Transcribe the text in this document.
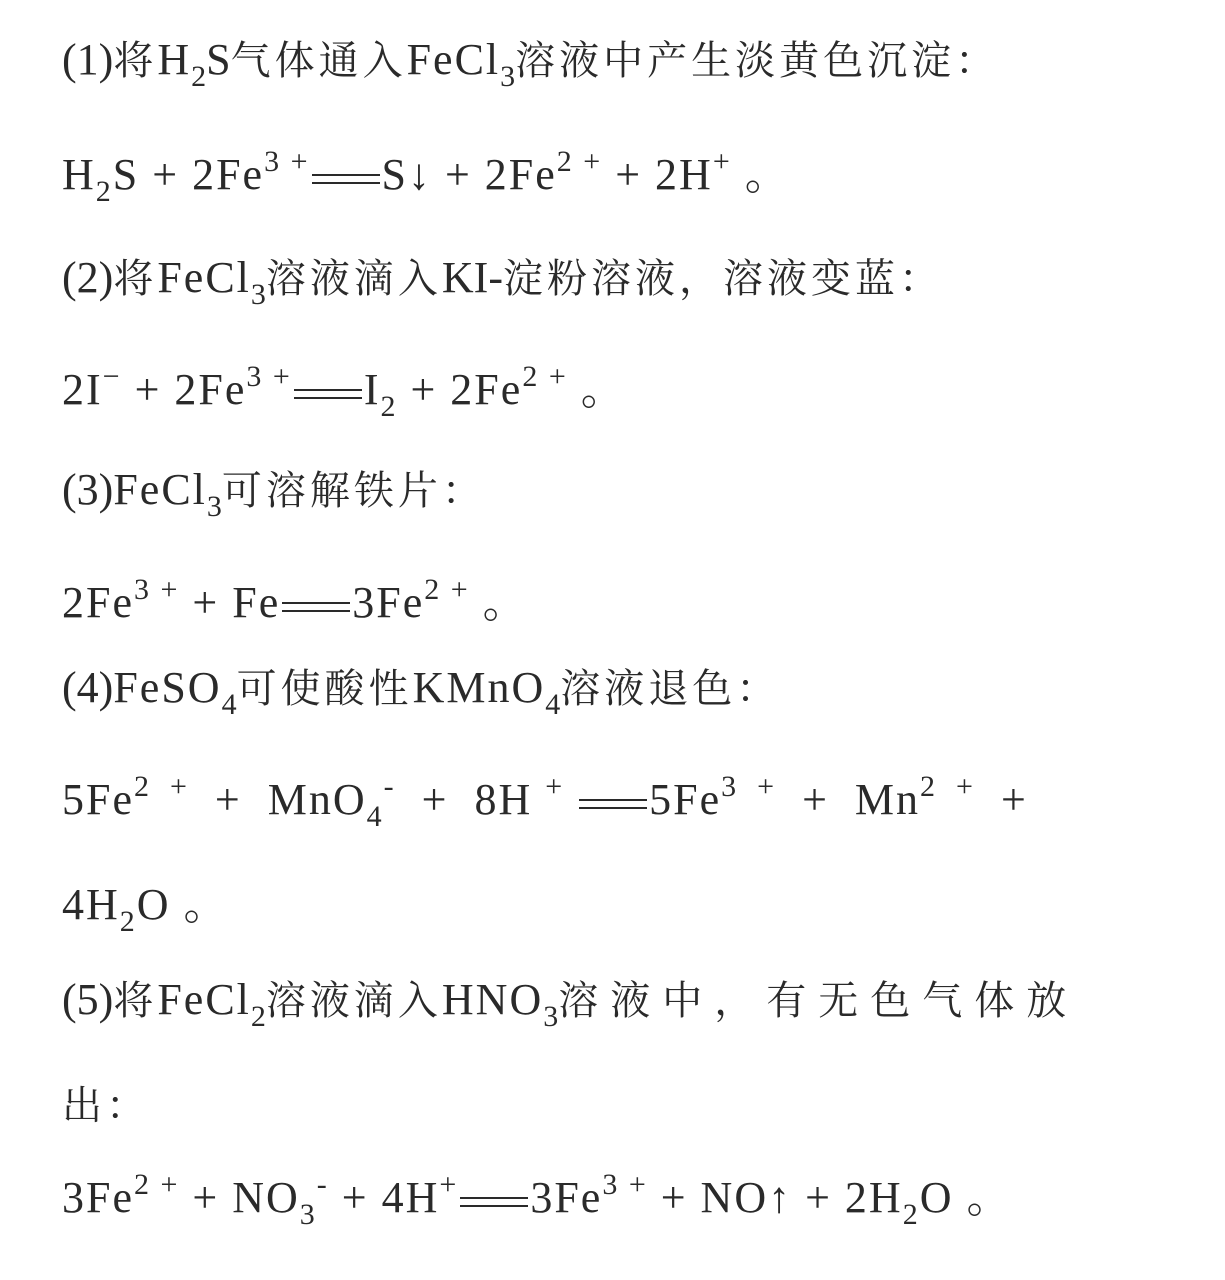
(1)将$H_2S$气体通入FeCl$_3$溶液中产生淡黄色沉淀：
$H_2S + 2Fe^{3 +}$ S↓ + $2Fe^{2 +} + 2H^+$ 。
(2)将FeCl$_3$溶液滴入KI-淀粉溶液，溶液变蓝：
$2I^- + 2Fe^{3 +}$ $I_2 + 2Fe^{2 +}$ 。
(3)FeCl$_3$可溶解铁片：
$2Fe^{3 +} + Fe$ $3Fe^{2 +}$ 。
(4)FeSO$_4$可使酸性KMnO$_4$溶液退色：
$5Fe^{2 +} + MnO_4^- + 8H$ + $5Fe^{3 +} + Mn^{2 +}$  +
$4H_2O$ 。
(5)将FeCl$_2$溶液滴入$HNO_3$溶液中，有无色气体放
出：
$3Fe^{2 +} + NO_3^- + 4H^+$ $3Fe^{3 +}$ + NO↑ + $2H_2O$ 。
